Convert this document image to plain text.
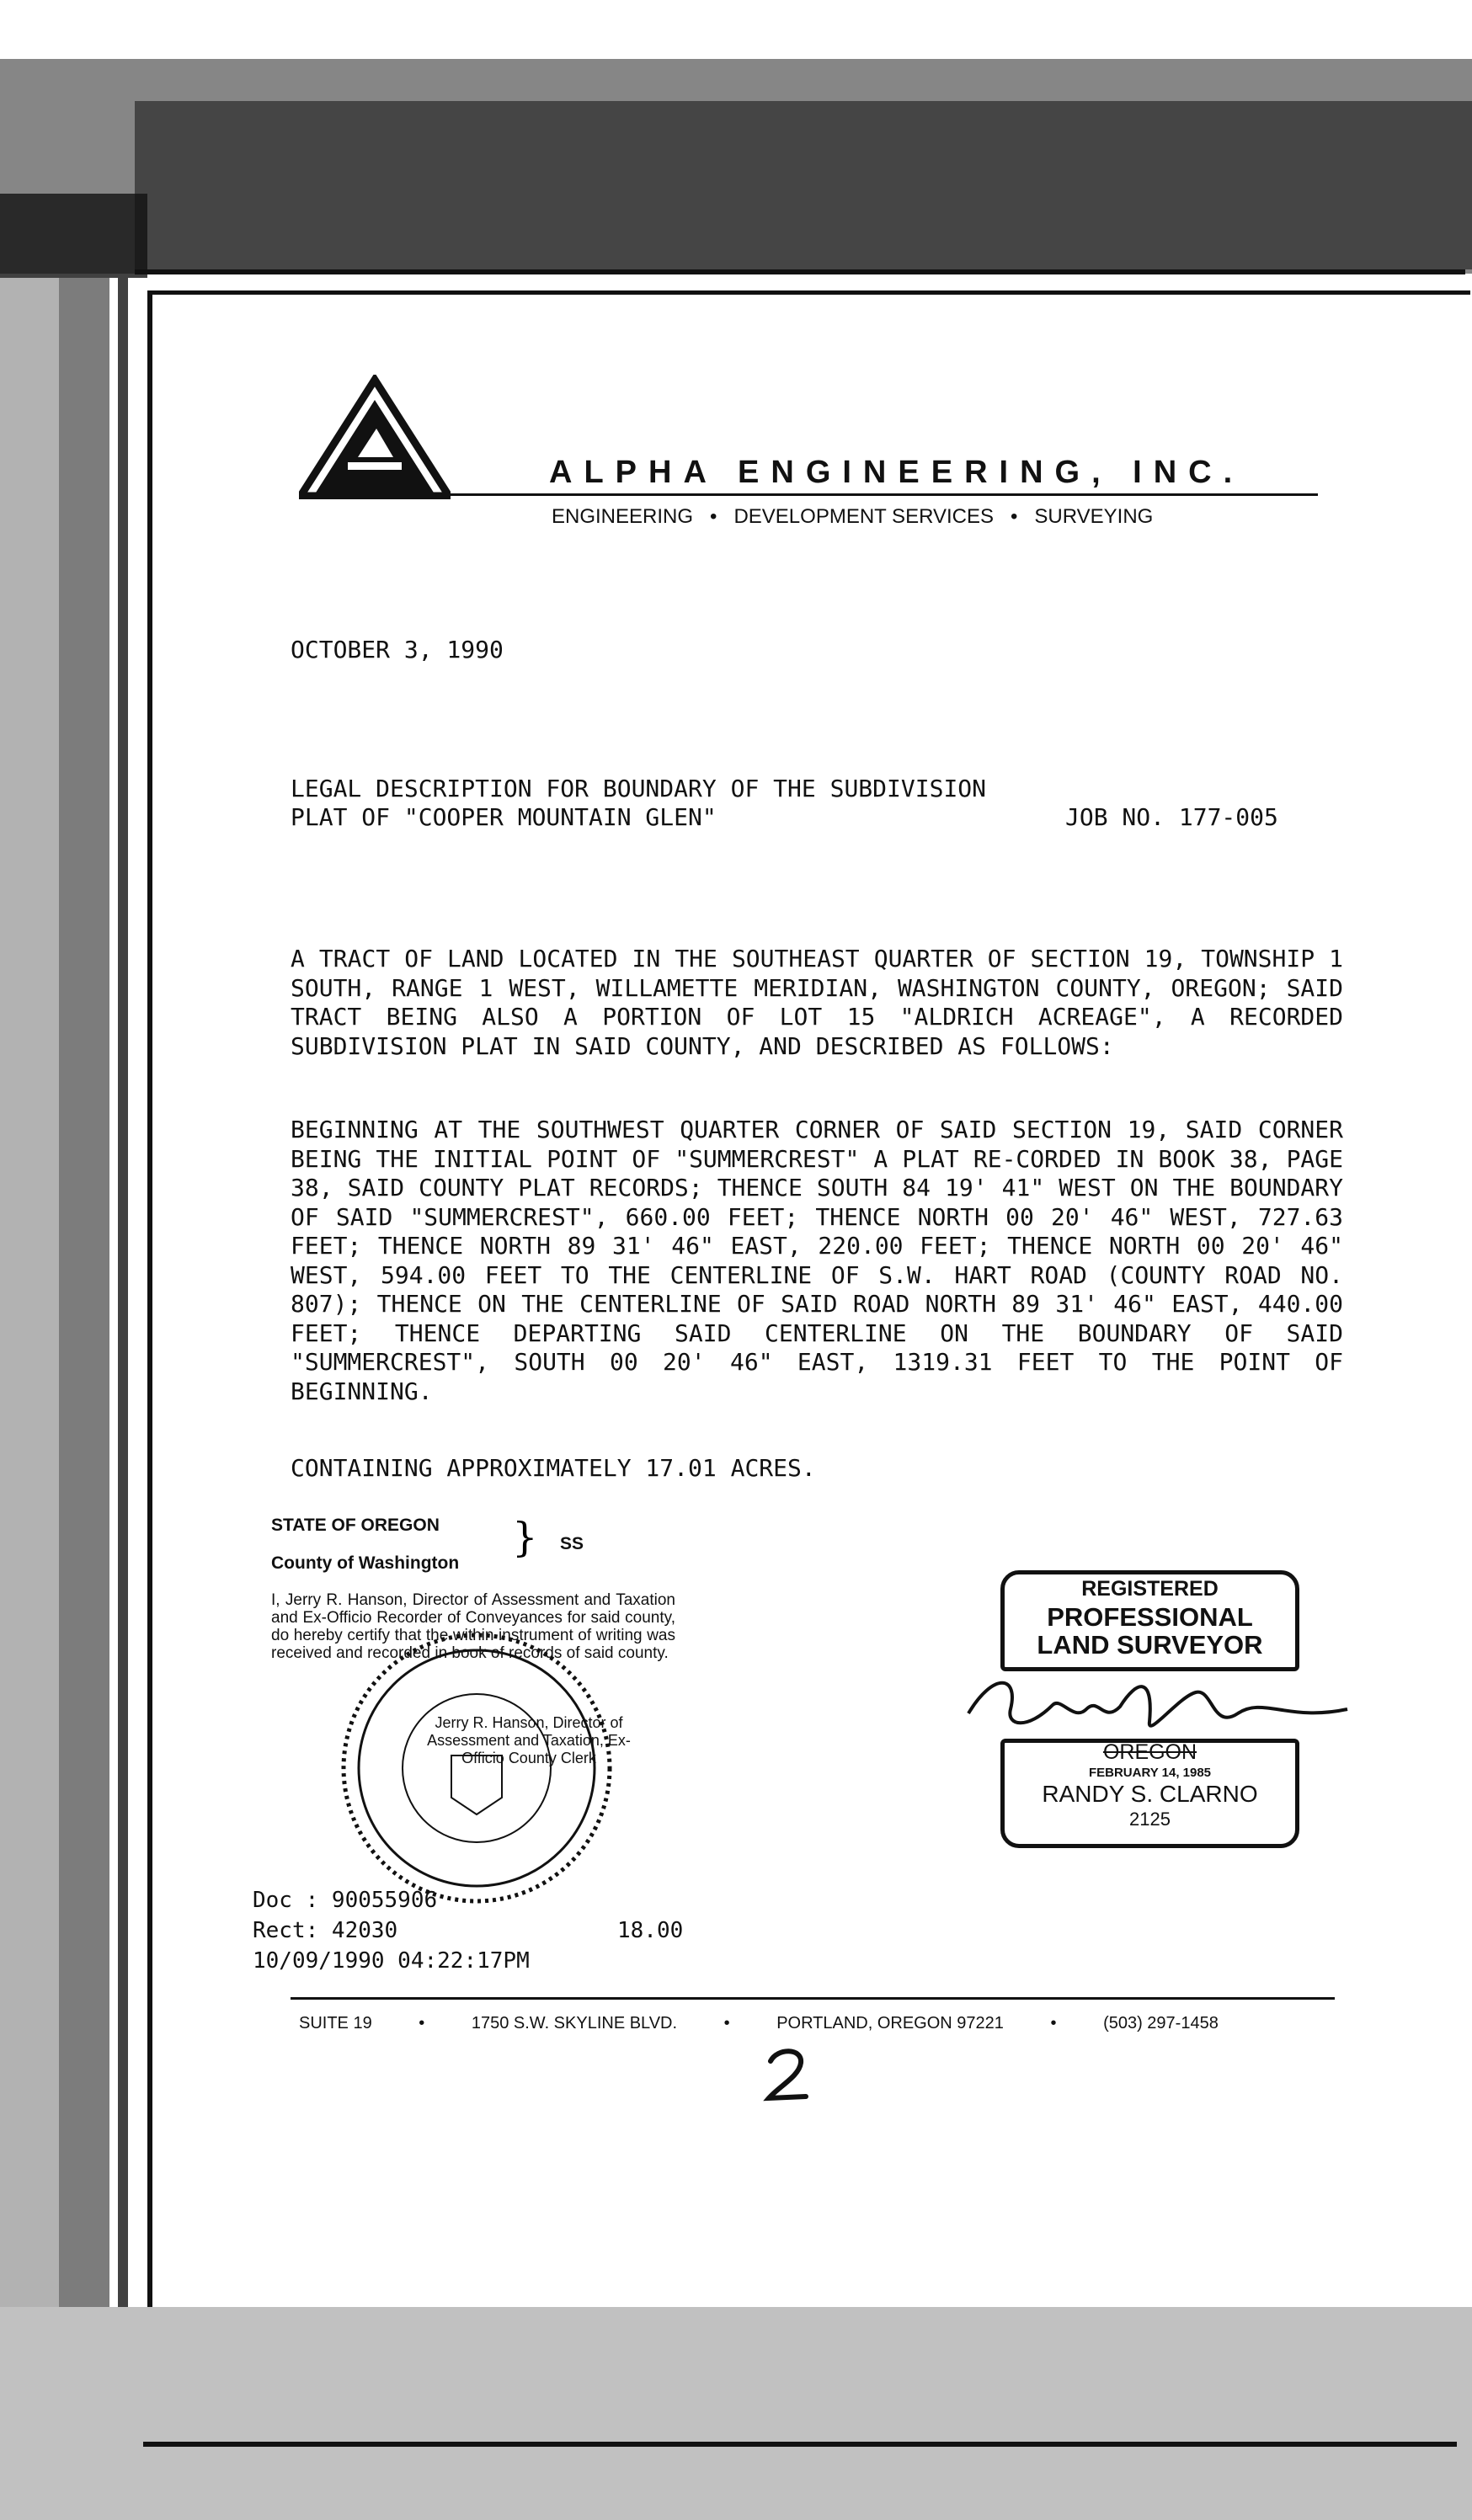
ALPHA ENGINEERING, INC.
ENGINEERING   •   DEVELOPMENT SERVICES   •   SURVEYING
OCTOBER 3, 1990
LEGAL DESCRIPTION FOR BOUNDARY OF THE SUBDIVISION
PLAT OF "COOPER MOUNTAIN GLEN"	JOB NO. 177-005
A TRACT OF LAND LOCATED IN THE SOUTHEAST QUARTER OF SECTION 19, TOWNSHIP 1 SOUTH, RANGE 1 WEST, WILLAMETTE MERIDIAN, WASHINGTON COUNTY, OREGON; SAID TRACT BEING ALSO A PORTION OF LOT 15 "ALDRICH ACREAGE", A RECORDED SUBDIVISION PLAT IN SAID COUNTY, AND DESCRIBED AS FOLLOWS:
BEGINNING AT THE SOUTHWEST QUARTER CORNER OF SAID SECTION 19, SAID CORNER BEING THE INITIAL POINT OF "SUMMERCREST" A PLAT RE-CORDED IN BOOK 38, PAGE 38, SAID COUNTY PLAT RECORDS; THENCE SOUTH 84 19' 41" WEST ON THE BOUNDARY OF SAID "SUMMERCREST", 660.00 FEET; THENCE NORTH 00 20' 46" WEST, 727.63 FEET; THENCE NORTH 89 31' 46" EAST, 220.00 FEET; THENCE NORTH 00 20' 46" WEST, 594.00 FEET TO THE CENTERLINE OF S.W. HART ROAD (COUNTY ROAD NO. 807); THENCE ON THE CENTERLINE OF SAID ROAD NORTH 89 31' 46" EAST, 440.00 FEET; THENCE DEPARTING SAID CENTERLINE ON THE BOUNDARY OF SAID "SUMMERCREST", SOUTH 00 20' 46" EAST, 1319.31 FEET TO THE POINT OF BEGINNING.
CONTAINING APPROXIMATELY 17.01 ACRES.
STATE OF OREGON
County of Washington
} SS
I, Jerry R. Hanson, Director of Assessment and Taxation and Ex-Officio Recorder of Conveyances for said county, do hereby certify that the within instrument of writing was received and recorded in book of records of said county.
Jerry R. Hanson, Director of
Assessment and Taxation, Ex-
Officio County Clerk
Doc : 90055906
Rect: 42030	18.00
10/09/1990 04:22:17PM
REGISTERED
PROFESSIONAL
LAND SURVEYOR
OREGON
FEBRUARY 14, 1985
RANDY S. CLARNO
2125
SUITE 19          •          1750 S.W. SKYLINE BLVD.          •          PORTLAND, OREGON 97221          •          (503) 297-1458
